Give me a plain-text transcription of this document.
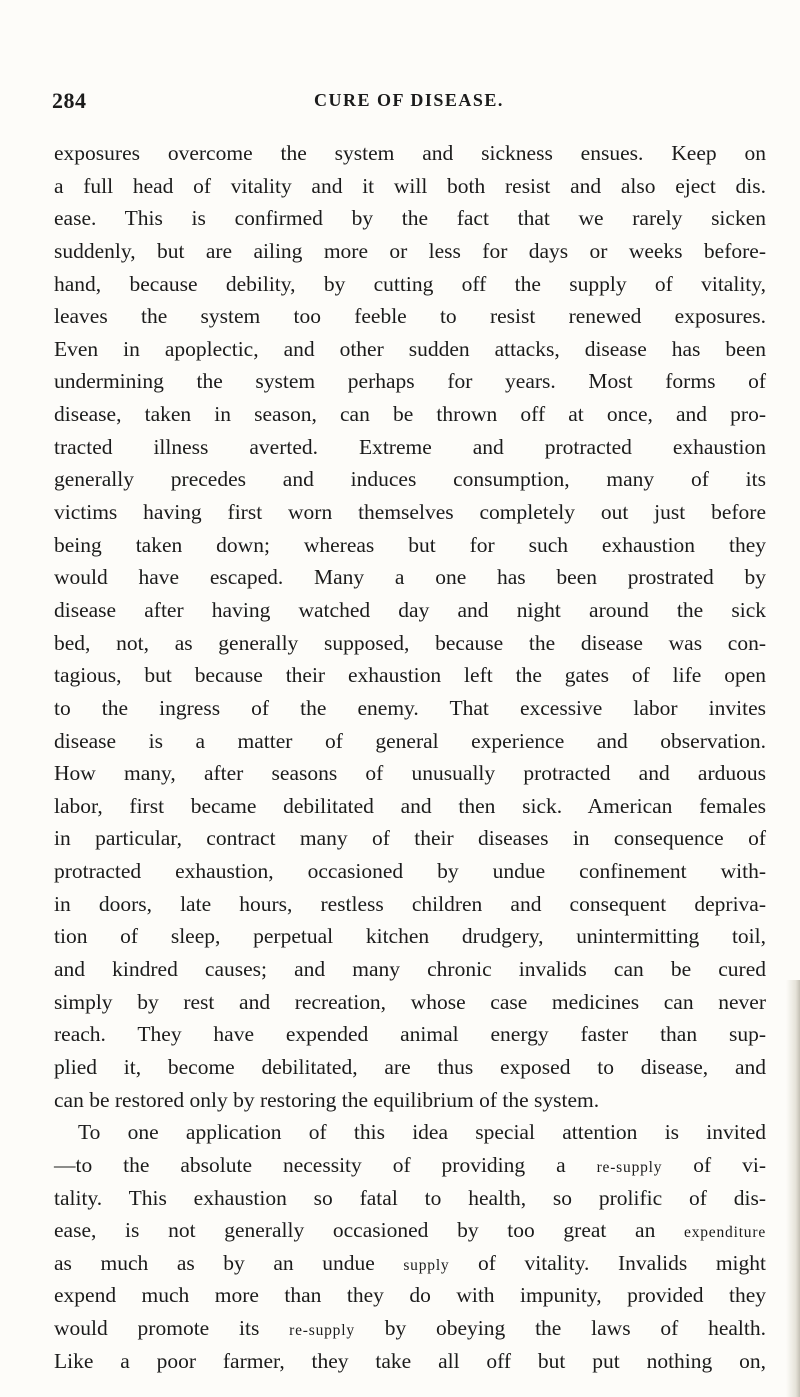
284	CURE OF DISEASE.
exposures overcome the system and sickness ensues. Keep on
a full head of vitality and it will both resist and also eject dis.
ease. This is confirmed by the fact that we rarely sicken
suddenly, but are ailing more or less for days or weeks before-
hand, because debility, by cutting off the supply of vitality,
leaves the system too feeble to resist renewed exposures.
Even in apoplectic, and other sudden attacks, disease has been
undermining the system perhaps for years. Most forms of
disease, taken in season, can be thrown off at once, and pro-
tracted illness averted. Extreme and protracted exhaustion
generally precedes and induces consumption, many of its
victims having first worn themselves completely out just before
being taken down; whereas but for such exhaustion they
would have escaped. Many a one has been prostrated by
disease after having watched day and night around the sick
bed, not, as generally supposed, because the disease was con-
tagious, but because their exhaustion left the gates of life open
to the ingress of the enemy. That excessive labor invites
disease is a matter of general experience and observation.
How many, after seasons of unusually protracted and arduous
labor, first became debilitated and then sick. American females
in particular, contract many of their diseases in consequence of
protracted exhaustion, occasioned by undue confinement with-
in doors, late hours, restless children and consequent depriva-
tion of sleep, perpetual kitchen drudgery, unintermitting toil,
and kindred causes; and many chronic invalids can be cured
simply by rest and recreation, whose case medicines can never
reach. They have expended animal energy faster than sup-
plied it, become debilitated, are thus exposed to disease, and
can be restored only by restoring the equilibrium of the system.
To one application of this idea special attention is invited
—to the absolute necessity of providing a re-supply of vi-
tality. This exhaustion so fatal to health, so prolific of dis-
ease, is not generally occasioned by too great an expenditure
as much as by an undue supply of vitality. Invalids might
expend much more than they do with impunity, provided they
would promote its re-supply by obeying the laws of health.
Like a poor farmer, they take all off but put nothing on,
